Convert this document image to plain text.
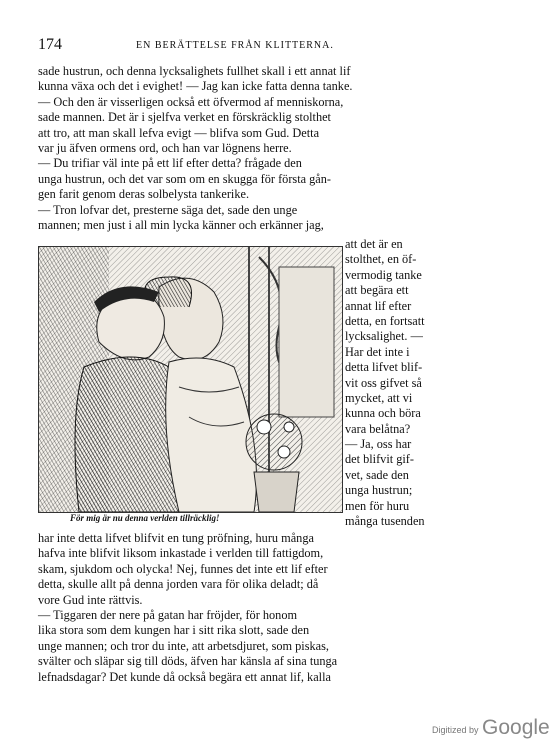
174	EN BERÄTTELSE FRÅN KLITTERNA.
sade hustrun, och denna lycksalighets fullhet skall i ett annat lif
kunna växa och det i evighet! — Jag kan icke fatta denna tanke.
— Och den är visserligen också ett öfvermod af menniskorna,
sade mannen. Det är i sjelfva verket en förskräcklig stolthet
att tro, att man skall lefva evigt — blifva som Gud. Detta
var ju äfven ormens ord, och han var lögnens herre.
— Du trifiar väl inte på ett lif efter detta? frågade den
unga hustrun, och det var som om en skugga för första gån-
gen farit genom deras solbelysta tankerike.
— Tron lofvar det, presterne säga det, sade den unge
mannen; men just i all min lycka känner och erkänner jag,
För mig är nu denna verlden tillräcklig!
att det är en
stolthet, en öf-
vermodig tanke
att begära ett
annat lif efter
detta, en fortsatt
lycksalighet. —
Har det inte i
detta lifvet blif-
vit oss gifvet så
mycket, att vi
kunna och böra
vara belåtna?
— Ja, oss har
det blifvit gif-
vet, sade den
unga hustrun;
men för huru
många tusenden
har inte detta lifvet blifvit en tung pröfning, huru många
hafva inte blifvit liksom inkastade i verlden till fattigdom,
skam, sjukdom och olycka! Nej, funnes det inte ett lif efter
detta, skulle allt på denna jorden vara för olika deladt; då
vore Gud inte rättvis.
— Tiggaren der nere på gatan har fröjder, för honom
lika stora som dem kungen har i sitt rika slott, sade den
unge mannen; och tror du inte, att arbetsdjuret, som piskas,
svälter och släpar sig till döds, äfven har känsla af sina tunga
lefnadsdagar? Det kunde då också begära ett annat lif, kalla
Digitized by Google
